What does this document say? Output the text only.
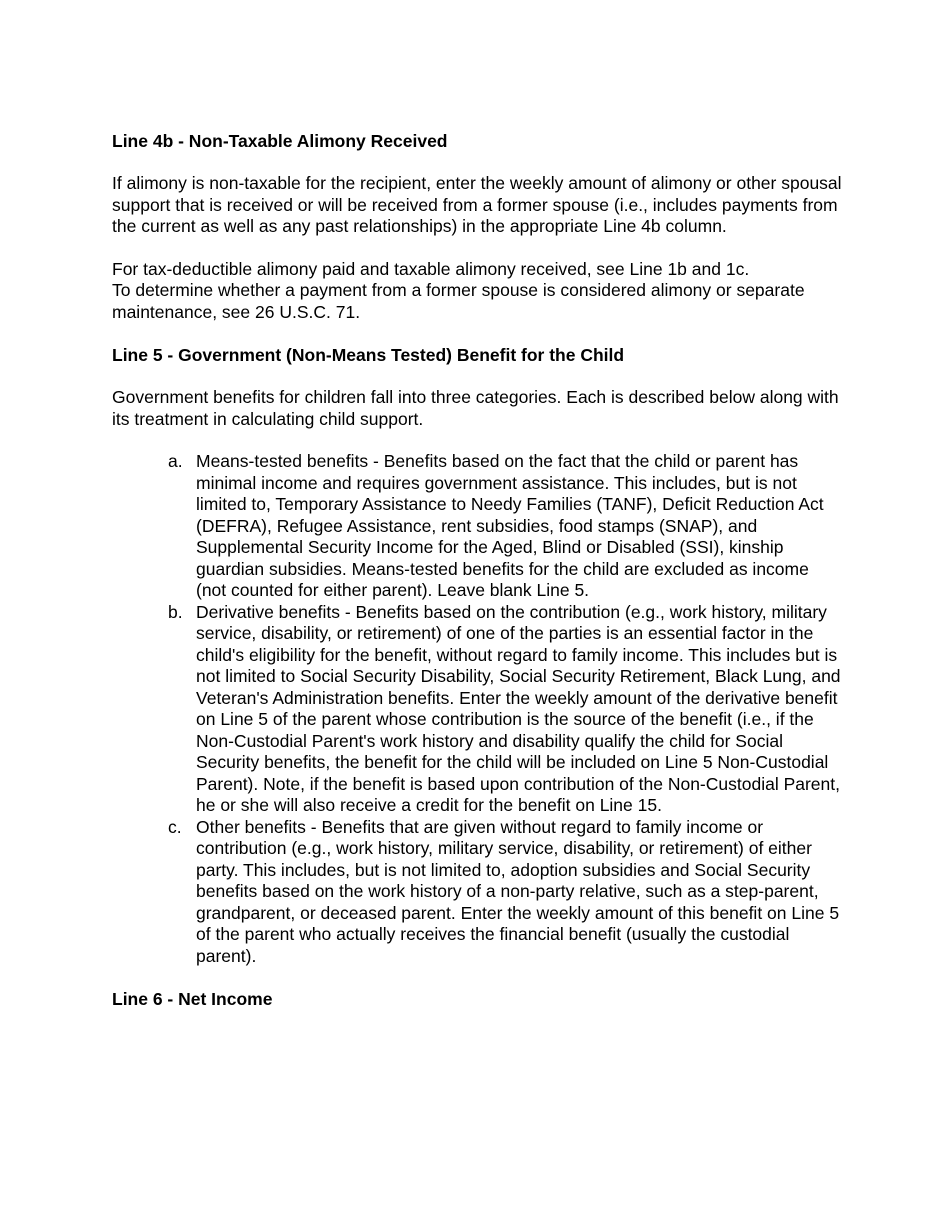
Line 4b - Non-Taxable Alimony Received

If alimony is non-taxable for the recipient, enter the weekly amount of alimony or other spousal support that is received or will be received from a former spouse (i.e., includes payments from the current as well as any past relationships) in the appropriate Line 4b column.

For tax-deductible alimony paid and taxable alimony received, see Line 1b and 1c.

To determine whether a payment from a former spouse is considered alimony or separate maintenance, see 26 U.S.C. 71.

Line 5 - Government (Non-Means Tested) Benefit for the Child

Government benefits for children fall into three categories. Each is described below along with its treatment in calculating child support.

a. Means-tested benefits - Benefits based on the fact that the child or parent has minimal income and requires government assistance. This includes, but is not limited to, Temporary Assistance to Needy Families (TANF), Deficit Reduction Act (DEFRA), Refugee Assistance, rent subsidies, food stamps (SNAP), and Supplemental Security Income for the Aged, Blind or Disabled (SSI), kinship guardian subsidies. Means-tested benefits for the child are excluded as income (not counted for either parent). Leave blank Line 5.
b. Derivative benefits - Benefits based on the contribution (e.g., work history, military service, disability, or retirement) of one of the parties is an essential factor in the child's eligibility for the benefit, without regard to family income. This includes but is not limited to Social Security Disability, Social Security Retirement, Black Lung, and Veteran's Administration benefits. Enter the weekly amount of the derivative benefit on Line 5 of the parent whose contribution is the source of the benefit (i.e., if the Non-Custodial Parent's work history and disability qualify the child for Social Security benefits, the benefit for the child will be included on Line 5 Non-Custodial Parent). Note, if the benefit is based upon contribution of the Non-Custodial Parent, he or she will also receive a credit for the benefit on Line 15.
c. Other benefits - Benefits that are given without regard to family income or contribution (e.g., work history, military service, disability, or retirement) of either party. This includes, but is not limited to, adoption subsidies and Social Security benefits based on the work history of a non-party relative, such as a step-parent, grandparent, or deceased parent. Enter the weekly amount of this benefit on Line 5 of the parent who actually receives the financial benefit (usually the custodial parent).
Line 6 - Net Income
